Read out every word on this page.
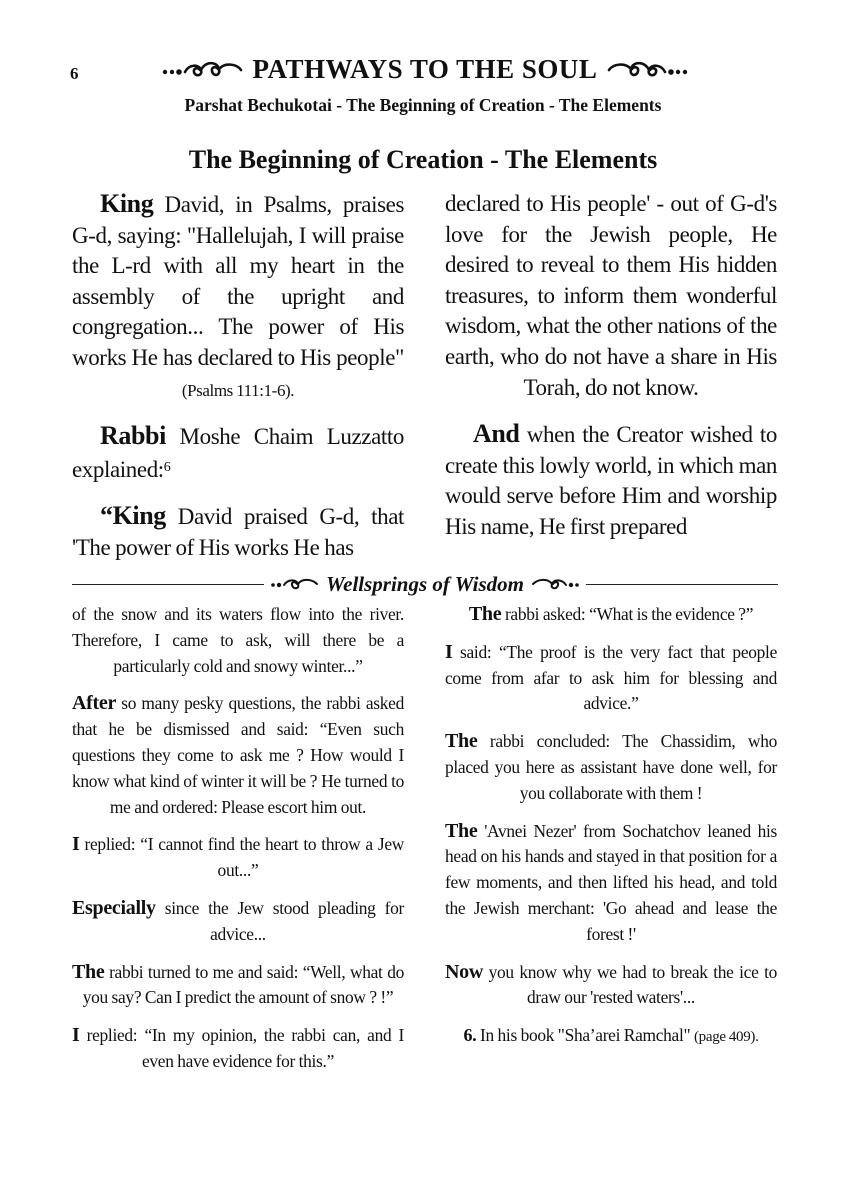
6	PATHWAYS TO THE SOUL
Parshat Bechukotai - The Beginning of Creation - The Elements
The Beginning of Creation - The Elements

King David, in Psalms, praises G-d, saying: "Hallelujah, I will praise the L-rd with all my heart in the assembly of the upright and congregation... The power of His works He has declared to His people" (Psalms 111:1-6).

Rabbi Moshe Chaim Luzzatto explained:$^6$

“King David praised G-d, that 'The power of His works He has

declared to His people' - out of G-d's love for the Jewish people, He desired to reveal to them His hidden treasures, to inform them wonderful wisdom, what the other nations of the earth, who do not have a share in His Torah, do not know.

And when the Creator wished to create this lowly world, in which man would serve before Him and worship His name, He first prepared

Wellsprings of Wisdom

of the snow and its waters flow into the river. Therefore, I came to ask, will there be a particularly cold and snowy winter...”

After so many pesky questions, the rabbi asked that he be dismissed and said: “Even such questions they come to ask me ? How would I know what kind of winter it will be ? He turned to me and ordered: Please escort him out.

I replied: “I cannot find the heart to throw a Jew out...”

Especially since the Jew stood pleading for advice...

The rabbi turned to me and said: “Well, what do you say? Can I predict the amount of snow ? !”

I replied: “In my opinion, the rabbi can, and I even have evidence for this.”

The rabbi asked: “What is the evidence ?”

I said: “The proof is the very fact that people come from afar to ask him for blessing and advice.”

The rabbi concluded: The Chassidim, who placed you here as assistant have done well, for you collaborate with them !

The 'Avnei Nezer' from Sochatchov leaned his head on his hands and stayed in that position for a few moments, and then lifted his head, and told the Jewish merchant: 'Go ahead and lease the forest !'

Now you know why we had to break the ice to draw our 'rested waters'...

6. In his book "Sha’arei Ramchal" (page 409).
